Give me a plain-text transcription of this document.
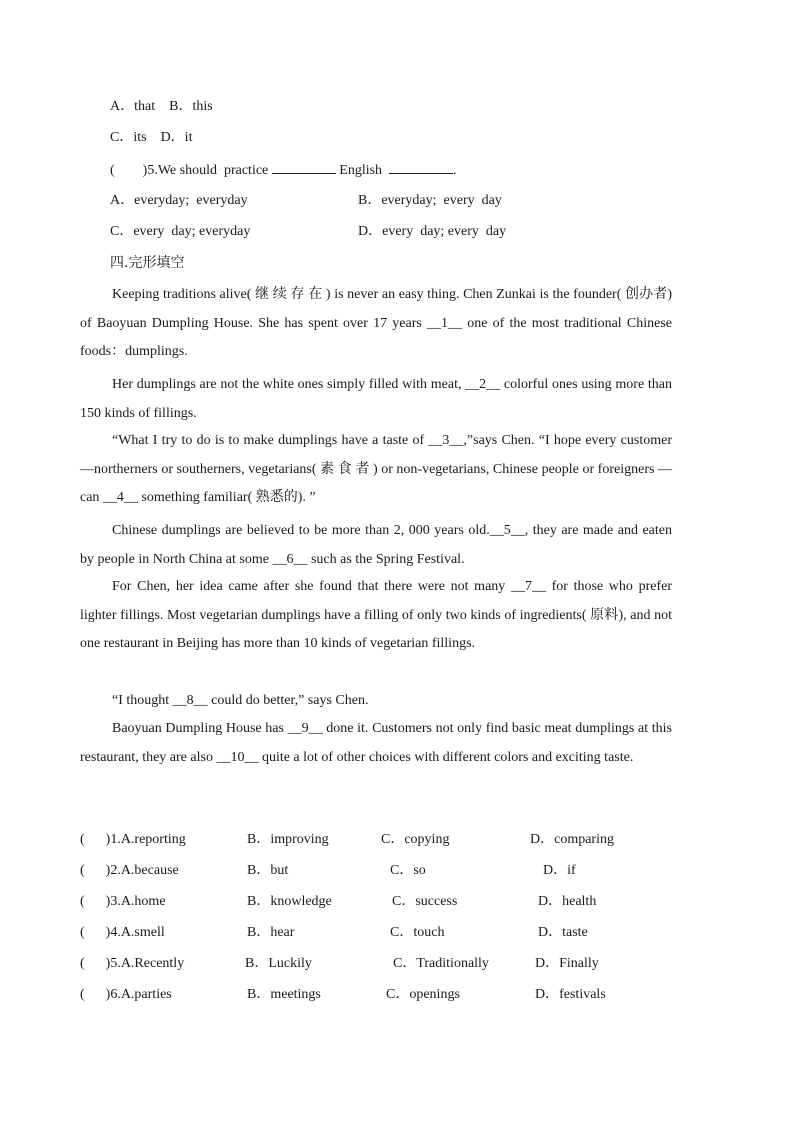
A．that    B．this
C．its    D．it
(        )5.We should  practice	English	.
A．everyday;  everyday	B．everyday;  every  day
C．every  day; everyday	D．every  day; every  day
四.完形填空
Keeping traditions alive( 继 续 存 在 ) is never an easy thing. Chen Zunkai is the founder( 创办者) of Baoyuan Dumpling House. She has spent over 17 years __1__ one of the most traditional Chinese foods：dumplings.
Her dumplings are not the white ones simply filled with meat, __2__ colorful ones using more than 150 kinds of fillings.
“What I try to do is to make dumplings have a taste of __3__,”says Chen. “I hope every customer —northerners or southerners, vegetarians( 素 食 者 ) or non-vegetarians, Chinese people or foreigners —can __4__ something familiar( 熟悉的). ”
Chinese dumplings are believed to be more than 2, 000 years old.__5__, they are made and eaten by people in North China at some __6__ such as the Spring Festival.
For Chen, her idea came after she found that there were not many __7__ for those who prefer lighter fillings. Most vegetarian dumplings have a filling of only two kinds of ingredients( 原料), and not one restaurant in Beijing has more than 10 kinds of vegetarian fillings.
“I thought __8__ could do better,” says Chen.
Baoyuan Dumpling House has __9__ done it. Customers not only find basic meat dumplings at this restaurant, they are also __10__ quite a lot of other choices with different colors and exciting taste.
(      )1.A.reporting	B．improving	C．copying	D．comparing
(      )2.A.because	B．but	C．so	D．if
(      )3.A.home	B．knowledge	C．success	D．health
(      )4.A.smell	B．hear	C．touch	D．taste
(      )5.A.Recently	B．Luckily	C．Traditionally	D．Finally
(      )6.A.parties	B．meetings	C．openings	D．festivals
